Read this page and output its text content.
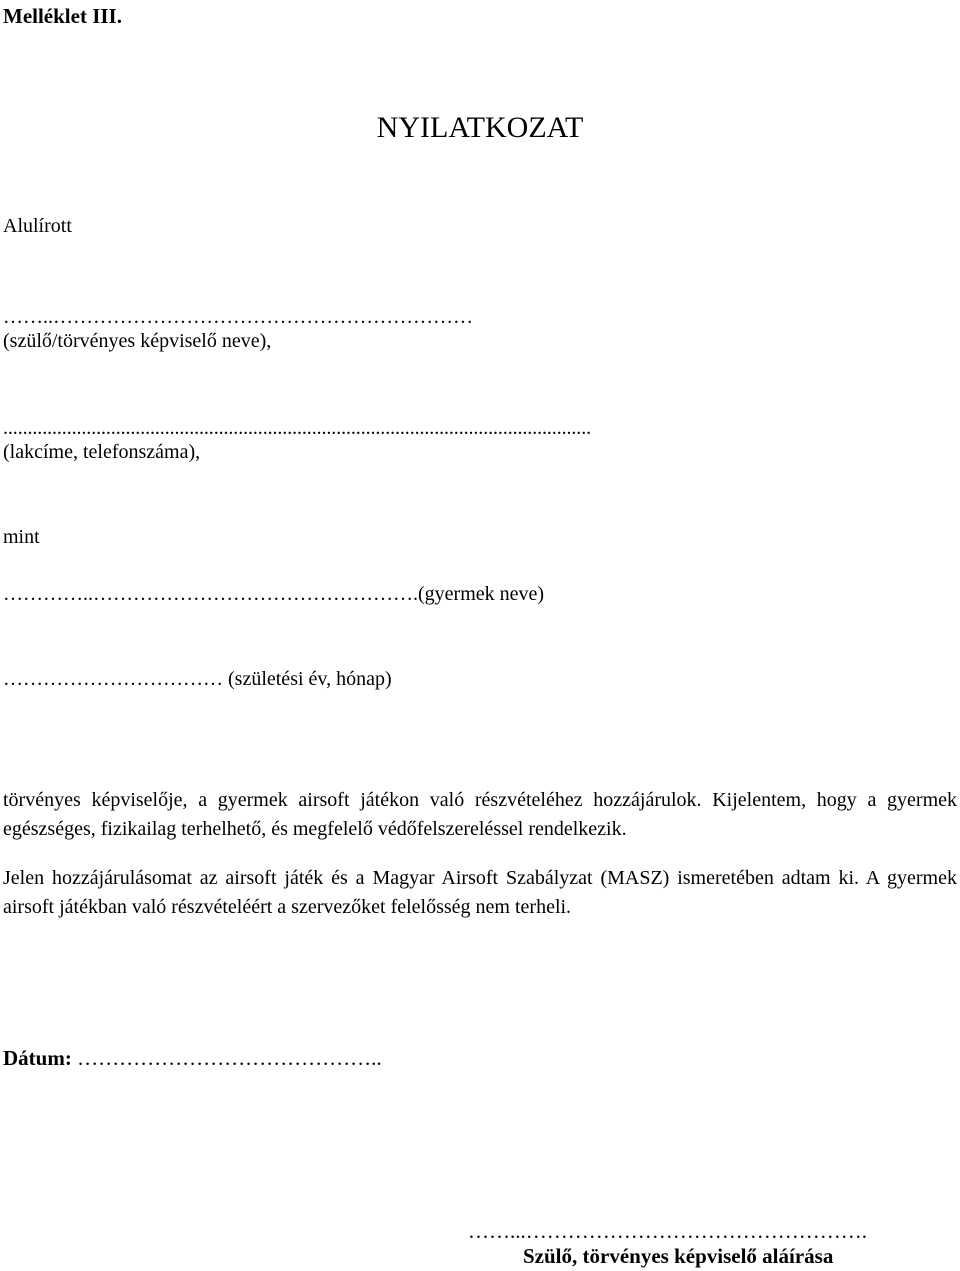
Melléklet III.
NYILATKOZAT
Alulírott
……..………………………………………………………
(szülő/törvényes képviselő neve),
........................................................................................................................
(lakcíme, telefonszáma),
mint
…………..………………………………………….(gyermek neve)
…………………………… (születési év, hónap)

törvényes képviselője, a gyermek airsoft játékon való részvételéhez hozzájárulok. Kijelentem, hogy a gyermek egészséges, fizikailag terhelhető, és megfelelő védőfelszereléssel rendelkezik.

Jelen hozzájárulásomat az airsoft játék és a Magyar Airsoft Szabályzat (MASZ) ismeretében adtam ki. A gyermek airsoft játékban való részvételéért a szervezőket felelősség nem terheli.

Dátum: ……………………………………..
……...………………………………………….
Szülő, törvényes képviselő aláírása
